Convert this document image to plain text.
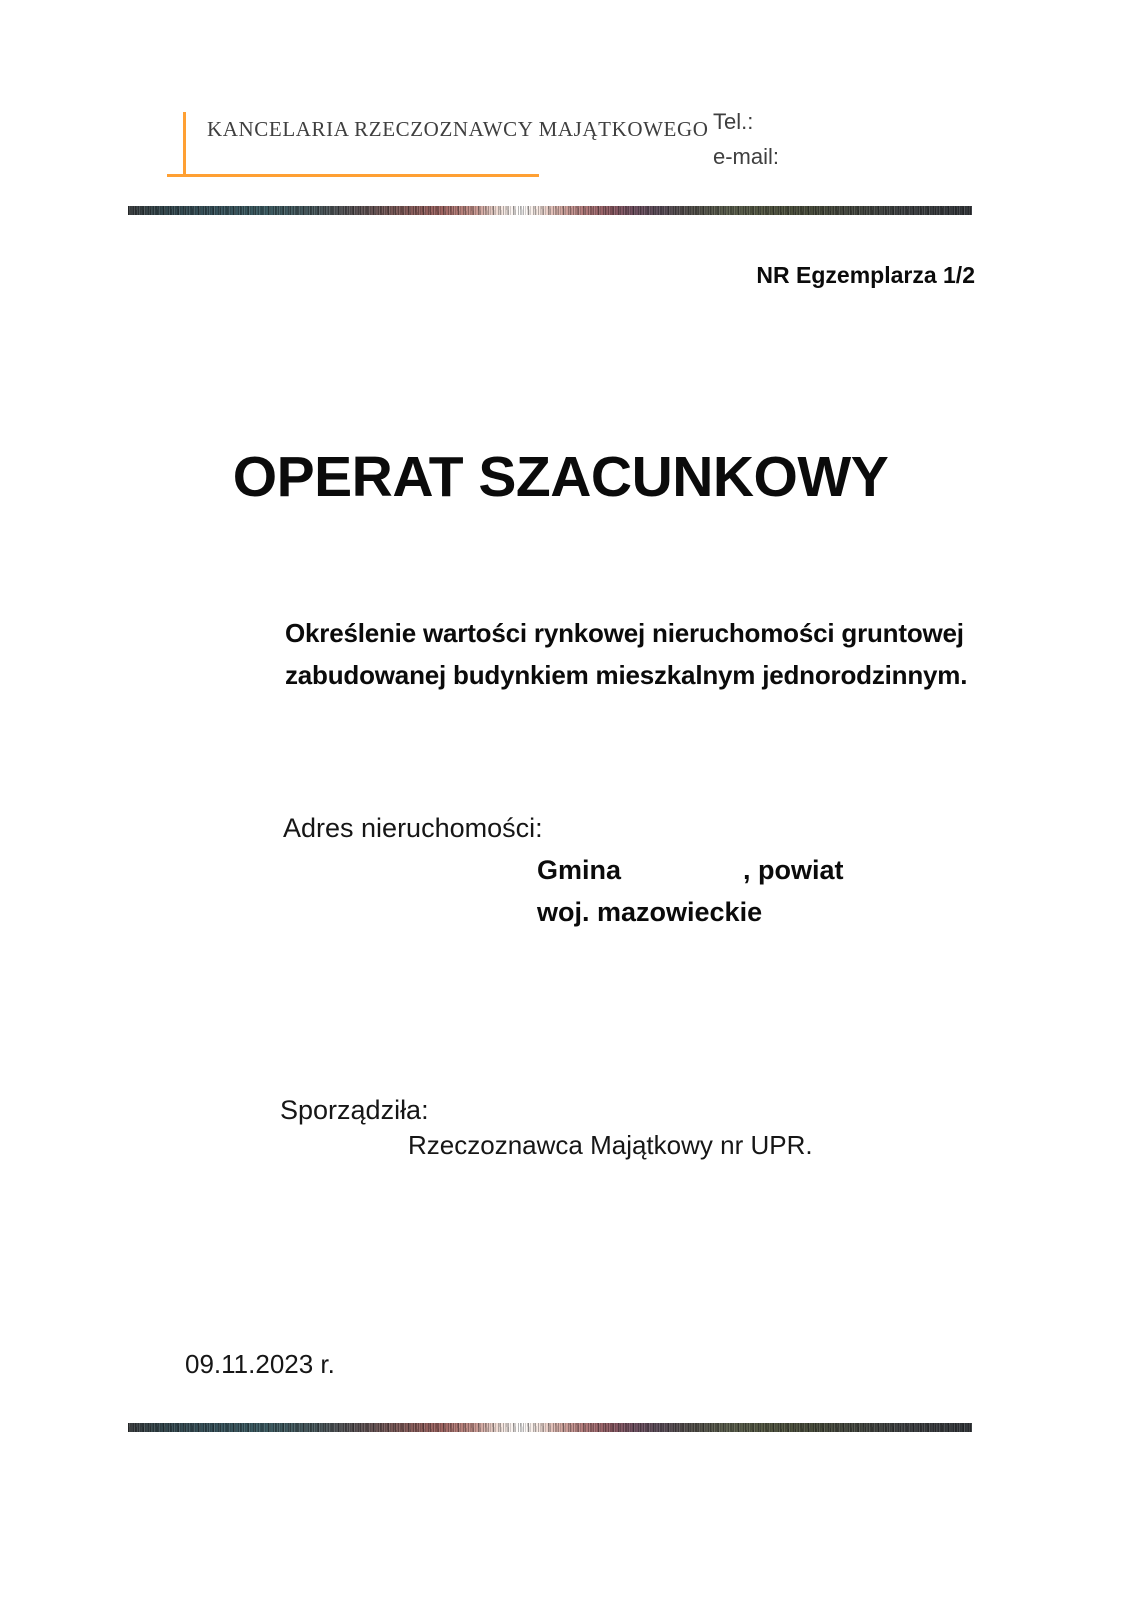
KANCELARIA RZECZOZNAWCY MAJĄTKOWEGO Tel.:
e-mail:
NR Egzemplarza 1/2
OPERAT SZACUNKOWY
Określenie wartości rynkowej nieruchomości gruntowej
zabudowanej budynkiem mieszkalnym jednorodzinnym.
Adres nieruchomości:
Gmina	, powiat
woj. mazowieckie
Sporządziła:
Rzeczoznawca Majątkowy nr UPR.
09.11.2023 r.
